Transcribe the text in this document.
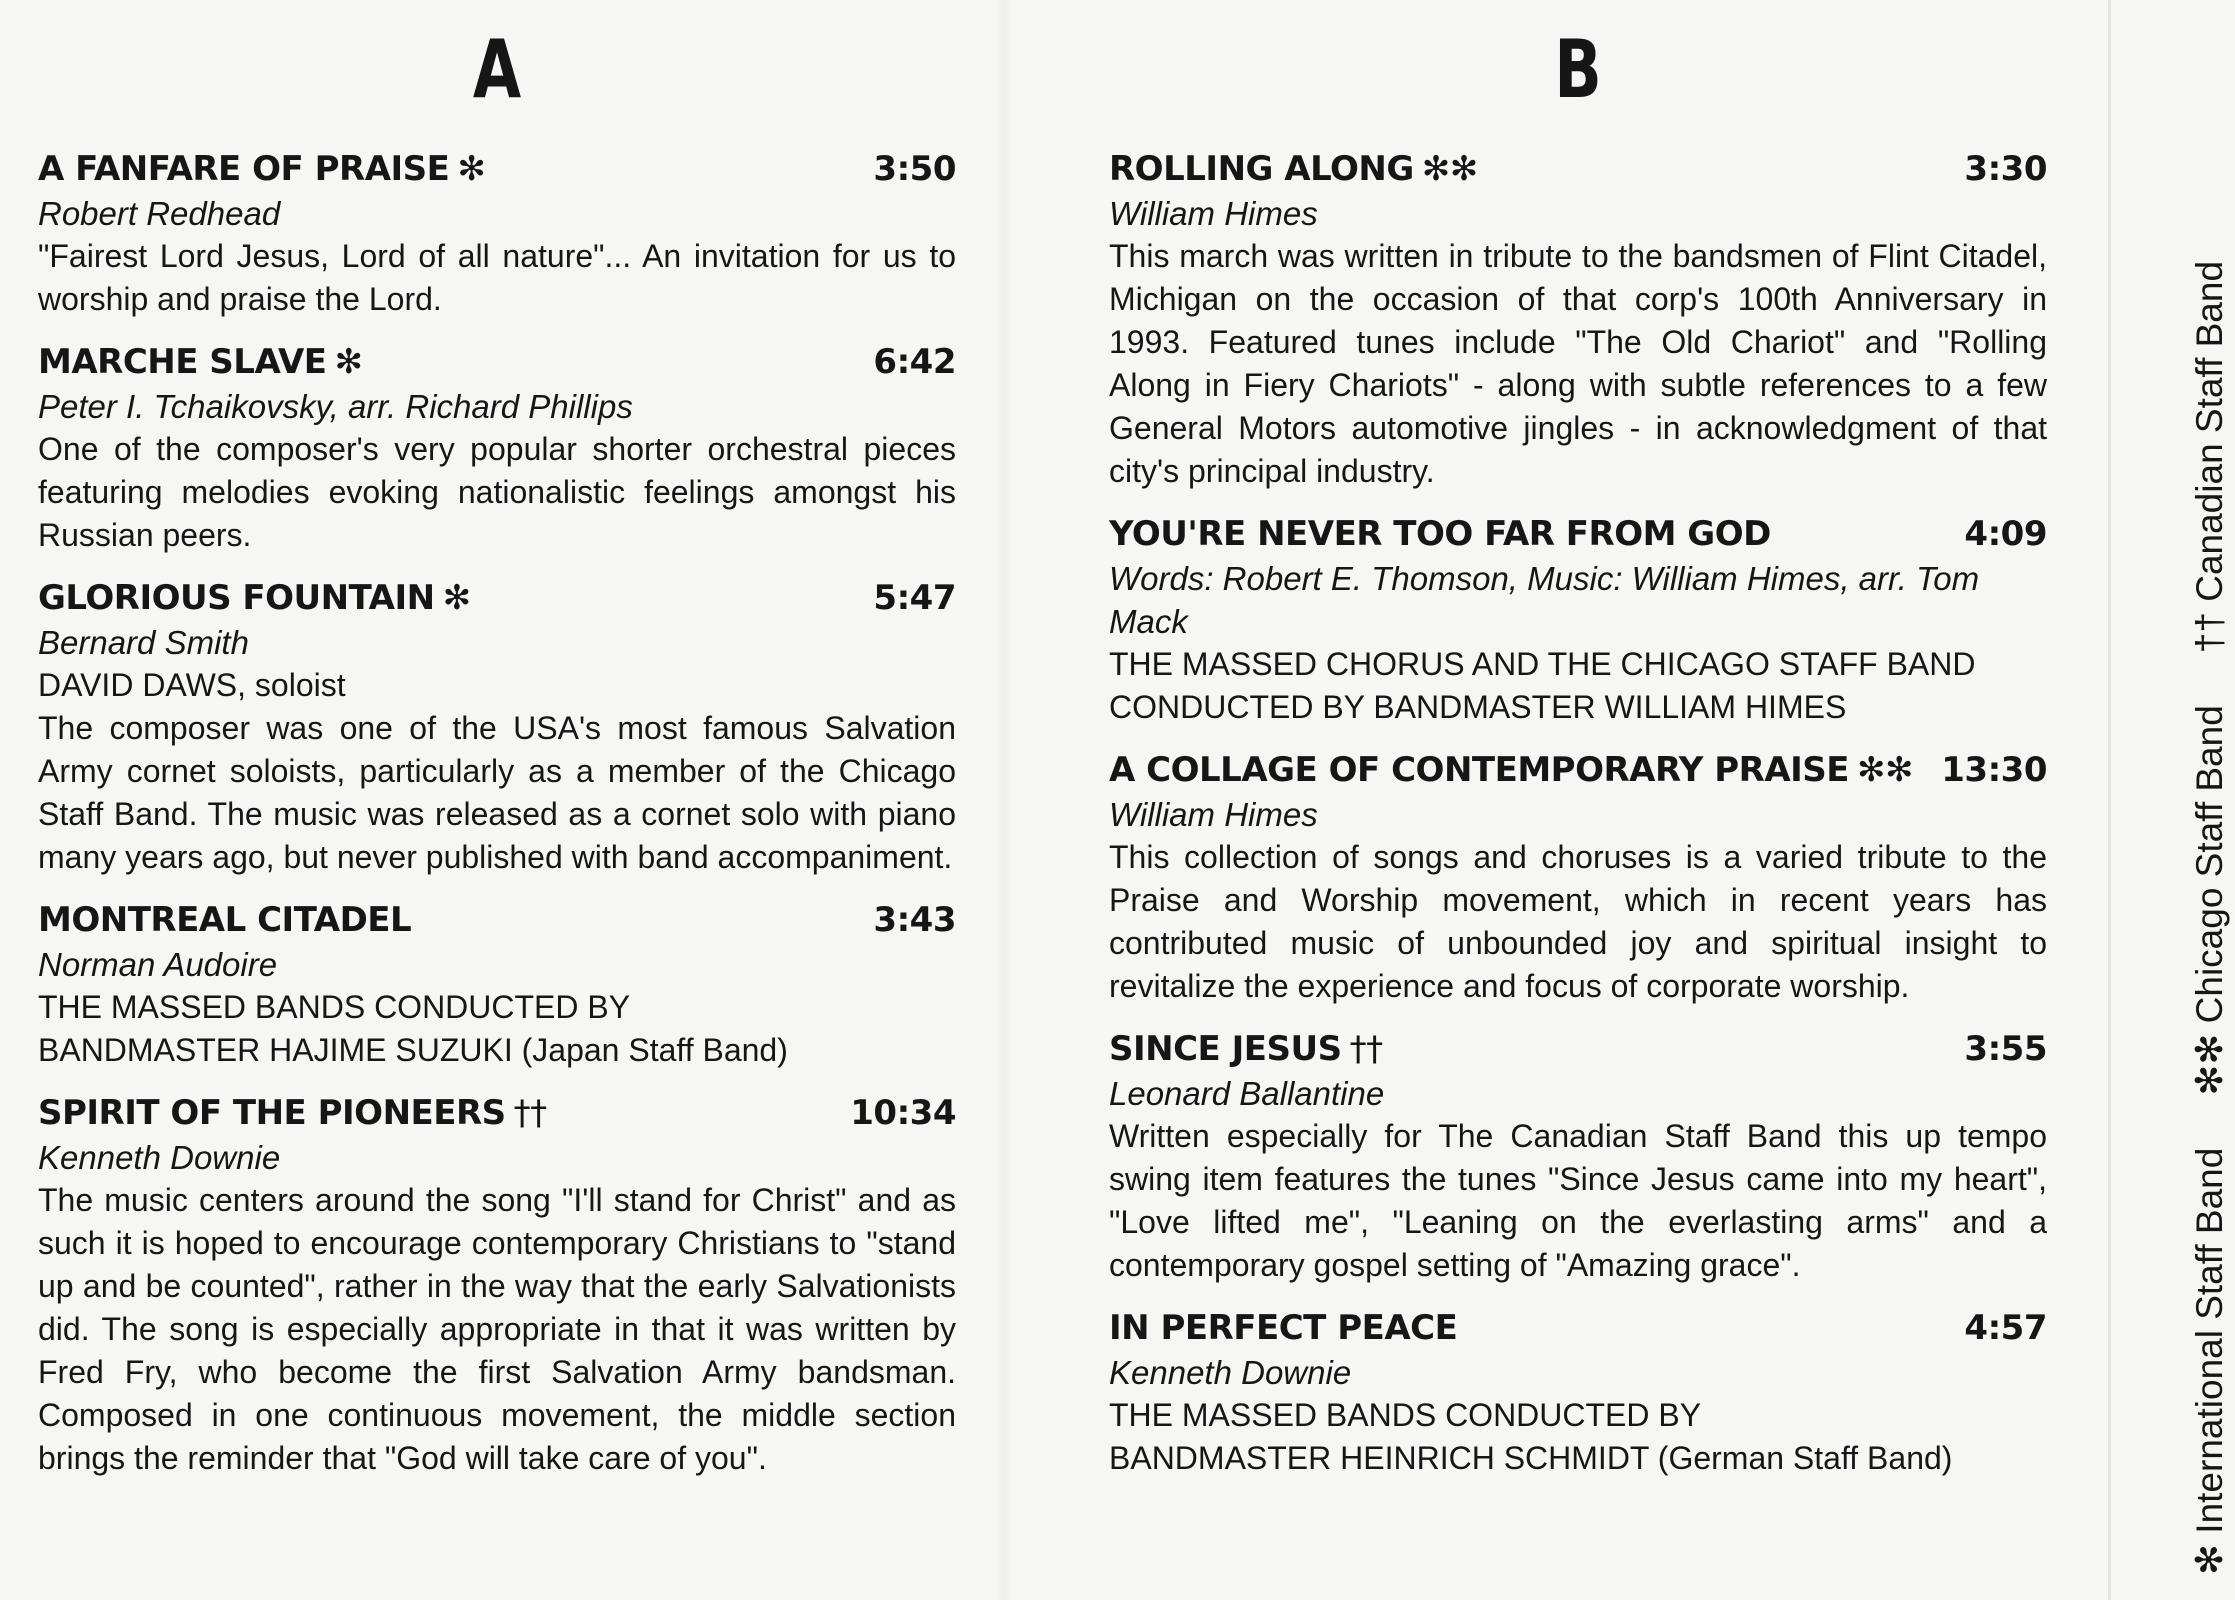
A
A FANFARE OF PRAISE ✻	3:50
Robert Redhead
"Fairest Lord Jesus, Lord of all nature"... An invitation for us to worship and praise the Lord.
MARCHE SLAVE ✻	6:42
Peter I. Tchaikovsky, arr. Richard Phillips
One of the composer's very popular shorter orchestral pieces featuring melodies evoking nationalistic feelings amongst his Russian peers.
GLORIOUS FOUNTAIN ✻	5:47
Bernard Smith
DAVID DAWS, soloist
The composer was one of the USA's most famous Salvation Army cornet soloists, particularly as a member of the Chicago Staff Band. The music was released as a cornet solo with piano many years ago, but never published with band accompaniment.
MONTREAL CITADEL	3:43
Norman Audoire
THE MASSED BANDS CONDUCTED BY
BANDMASTER HAJIME SUZUKI (Japan Staff Band)
SPIRIT OF THE PIONEERS ††	10:34
Kenneth Downie
The music centers around the song "I'll stand for Christ" and as such it is hoped to encourage contemporary Christians to "stand up and be counted", rather in the way that the early Salvationists did. The song is especially appropriate in that it was written by Fred Fry, who become the first Salvation Army bandsman. Composed in one continuous movement, the middle section brings the reminder that "God will take care of you".
B
ROLLING ALONG ✻✻	3:30
William Himes
This march was written in tribute to the bandsmen of Flint Citadel, Michigan on the occasion of that corp's 100th Anniversary in 1993. Featured tunes include "The Old Chariot" and "Rolling Along in Fiery Chariots" - along with subtle references to a few General Motors automotive jingles - in acknowledgment of that city's principal industry.
YOU'RE NEVER TOO FAR FROM GOD	4:09
Words: Robert E. Thomson, Music: William Himes, arr. Tom Mack
THE MASSED CHORUS AND THE CHICAGO STAFF BAND
CONDUCTED BY BANDMASTER WILLIAM HIMES
A COLLAGE OF CONTEMPORARY PRAISE ✻✻ 13:30
William Himes
This collection of songs and choruses is a varied tribute to the Praise and Worship movement, which in recent years has contributed music of unbounded joy and spiritual insight to revitalize the experience and focus of corporate worship.
SINCE JESUS ††	3:55
Leonard Ballantine
Written especially for The Canadian Staff Band this up tempo swing item features the tunes "Since Jesus came into my heart", "Love lifted me", "Leaning on the everlasting arms" and a contemporary gospel setting of "Amazing grace".
IN PERFECT PEACE	4:57
Kenneth Downie
THE MASSED BANDS CONDUCTED BY
BANDMASTER HEINRICH SCHMIDT (German Staff Band)
✻ International Staff Band
✻✻ Chicago Staff Band
†† Canadian Staff Band
